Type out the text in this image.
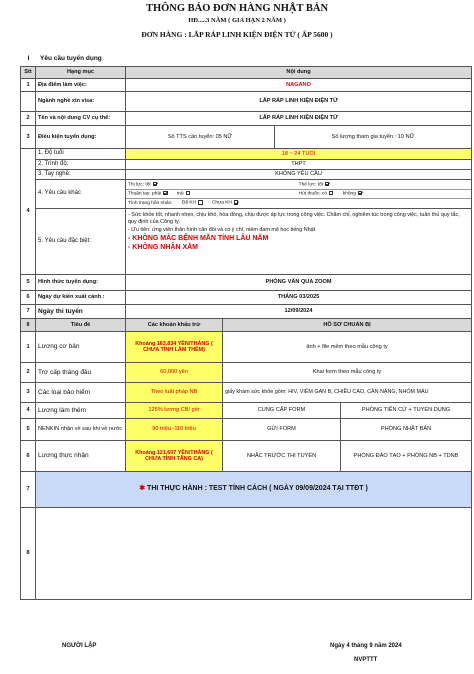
THÔNG BÁO ĐƠN HÀNG NHẬT BẢN
HĐ.....3 NĂM ( GIA HẠN 2 NĂM )
ĐƠN HÀNG : LẮP RÁP LINH KIỆN ĐIỆN TỬ ( ẤP 5600 )
I	Yêu cầu tuyển dụng
Stt	Hạng mục	Nội dung
1	Địa điểm làm việc:	NAGANO
	Ngành nghề xin visa:	LẮP RÁP LINH KIỆN ĐIỆN TỬ
2	Tên và nội dung CV cụ thể:	LẮP RÁP LINH KIỆN ĐIỆN TỬ
3	Điều kiện tuyển dụng:	Số TTS cần tuyển: 05 NỮ	Số lượng tham gia tuyển : 10 NỮ
4	1. Độ tuổi	18 ~ 24 TUỔI
2. Trình độ:	THPT
3. Tay nghề:	KHÔNG YÊU CẦU
4. Yêu cầu khác	
Thị lực: tốt	Thể lực: tốt
Thuận tay: phải	trái	Hút thuốc: có	không
Tình trạng hôn nhân: Đã KH	Chưa KH

5. Yêu cầu đặc biệt:	
- Sức khỏe tốt, nhanh nhẹn, chịu khó, hòa đồng, chịu được áp lực trong công việc. Chăm chỉ, nghiêm túc trong công việc, tuân thủ quy tắc, quy định của Công ty.
- Ưu tiên: ứng viên thân hình cân đối và có ý chí, niềm đam mê học tiếng Nhật
- KHÔNG MẮC BỆNH MÃN TÍNH LÂU NĂM
- KHÔNG NHẬN XĂM

5	Hình thức tuyển dụng:	PHỎNG VẤN QUA ZOOM
6	Ngày dự kiến xuất cảnh :	THÁNG 03/2025
7	Ngày thi tuyển	12/09/2024
II	Tiêu đề	Các khoản khấu trừ	HỒ SƠ CHUẨN BỊ
1	Lương cơ bản	Khoảng 163,834 YÊN/THÁNG ( CHƯA TÍNH LÀM THÊM)	ảnh + file mềm theo mẫu công ty
2	Trợ cấp tháng đầu	60,000 yên	Khai form theo mẫu công ty
3	Các loại bảo hiểm	Theo luật pháp NB	giấy khám sức khỏe gồm: HIV, VIÊM GAN B, CHIỀU CAO, CÂN NẶNG, NHÓM MÁU
4	Lương làm thêm	125% lương CB/ giờ	CUNG CẤP FORM	PHÒNG TIẾN CỬ + TUYỂN DỤNG
5	NENKIN nhận về sau khi về nước	90 triệu -110 triệu	GỬI FORM	PHÒNG NHẬT BẢN
6	Lương thực nhận	Khoảng 121,607 YÊN/THÁNG ( CHƯA TÍNH TĂNG CA)	NHẮC TRƯỚC THI TUYỂN	PHÒNG ĐÀO TẠO + PHÒNG NB + TDNB
7	✱ THI THỰC HÀNH : TEST TÍNH CÁCH ( NGÀY 09/09/2024 TẠI TTĐT )
8	
NGƯỜI LẬP	Ngày 4 tháng 9 năm 2024
NVPTTT
